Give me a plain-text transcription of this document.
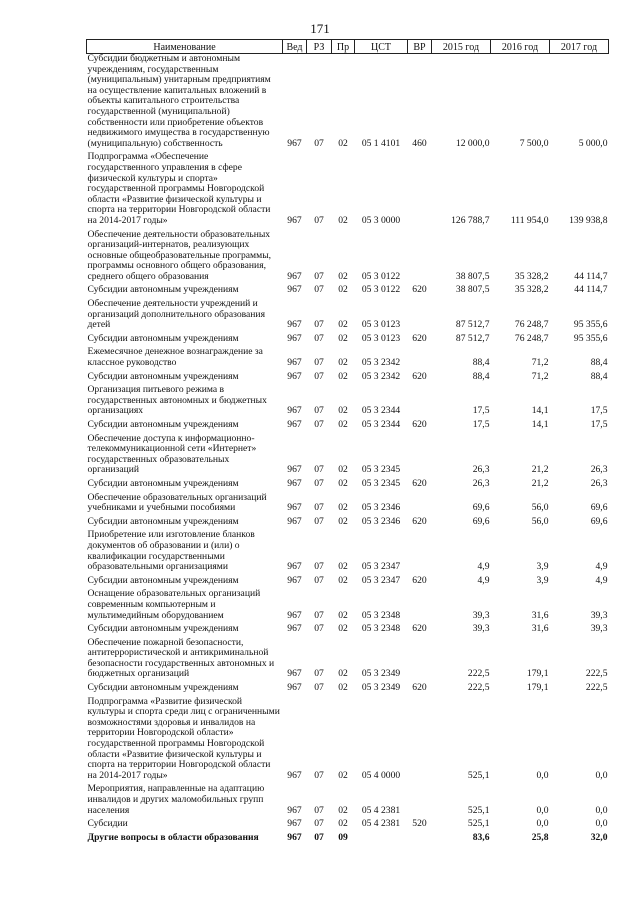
171
Наименование	Вед	РЗ	Пр	ЦСТ	ВР	2015 год	2016 год	2017 год
Субсидии бюджетным и автономным учреждениям, государственным (муниципальным) унитарным предприятиям на осуществление капитальных вложений в объекты капитального строительства государственной (муниципальной) собственности или приобретение объектов недвижимого имущества в государственную (муниципальную) собственность	967	07	02	05 1 4101	460	12 000,0	7 500,0	5 000,0
Подпрограмма «Обеспечение государственного управления в сфере физической культуры и спорта» государственной программы Новгородской области «Развитие физической культуры и спорта на территории Новгородской области на 2014-2017 годы»	967	07	02	05 3 0000		126 788,7	111 954,0	139 938,8
Обеспечение деятельности образовательных организаций-интернатов, реализующих основные общеобразовательные программы, программы основного общего образования, среднего общего образования	967	07	02	05 3 0122		38 807,5	35 328,2	44 114,7
Субсидии автономным учреждениям	967	07	02	05 3 0122	620	38 807,5	35 328,2	44 114,7
Обеспечение деятельности учреждений и организаций дополнительного образования детей	967	07	02	05 3 0123		87 512,7	76 248,7	95 355,6
Субсидии автономным учреждениям	967	07	02	05 3 0123	620	87 512,7	76 248,7	95 355,6
Ежемесячное денежное вознаграждение за классное руководство	967	07	02	05 3 2342		88,4	71,2	88,4
Субсидии автономным учреждениям	967	07	02	05 3 2342	620	88,4	71,2	88,4
Организация питьевого режима в государственных автономных и бюджетных организациях	967	07	02	05 3 2344		17,5	14,1	17,5
Субсидии автономным учреждениям	967	07	02	05 3 2344	620	17,5	14,1	17,5
Обеспечение доступа к информационно-телекоммуникационной сети «Интернет» государственных образовательных организаций	967	07	02	05 3 2345		26,3	21,2	26,3
Субсидии автономным учреждениям	967	07	02	05 3 2345	620	26,3	21,2	26,3
Обеспечение образовательных организаций учебниками и учебными пособиями	967	07	02	05 3 2346		69,6	56,0	69,6
Субсидии автономным учреждениям	967	07	02	05 3 2346	620	69,6	56,0	69,6
Приобретение или изготовление бланков документов об образовании и (или) о квалификации государственными образовательными организациями	967	07	02	05 3 2347		4,9	3,9	4,9
Субсидии автономным учреждениям	967	07	02	05 3 2347	620	4,9	3,9	4,9
Оснащение образовательных организаций современным компьютерным и мультимедийным оборудованием	967	07	02	05 3 2348		39,3	31,6	39,3
Субсидии автономным учреждениям	967	07	02	05 3 2348	620	39,3	31,6	39,3
Обеспечение пожарной безопасности, антитеррористической и антикриминальной безопасности государственных автономных и бюджетных организаций	967	07	02	05 3 2349		222,5	179,1	222,5
Субсидии автономным учреждениям	967	07	02	05 3 2349	620	222,5	179,1	222,5
Подпрограмма «Развитие физической культуры и спорта среди лиц с ограниченными возможностями здоровья и инвалидов на территории Новгородской области» государственной программы Новгородской области «Развитие физической культуры и спорта на территории Новгородской области на 2014-2017 годы»	967	07	02	05 4 0000		525,1	0,0	0,0
Мероприятия, направленные на адаптацию инвалидов и других маломобильных групп населения	967	07	02	05 4 2381		525,1	0,0	0,0
Субсидии	967	07	02	05 4 2381	520	525,1	0,0	0,0
Другие вопросы в области образования	967	07	09			83,6	25,8	32,0
